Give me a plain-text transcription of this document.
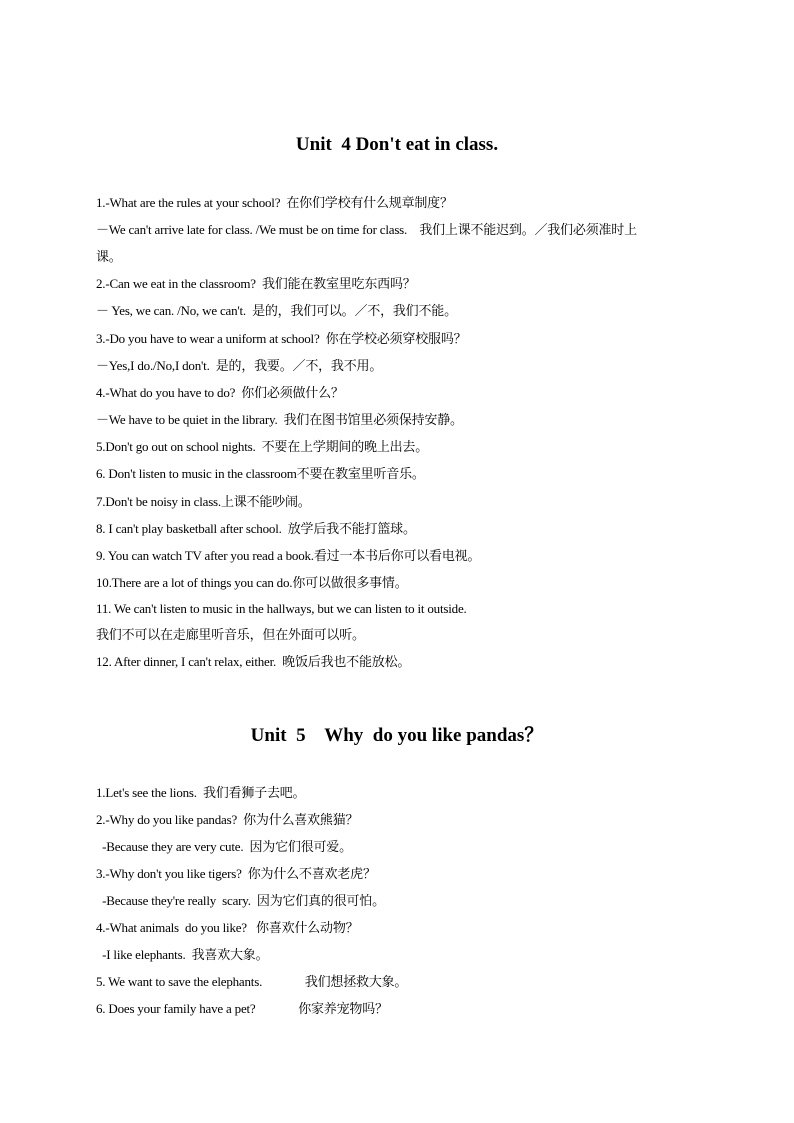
Unit  4 Don't eat in class.
1.-What are the rules at your school?  在你们学校有什么规章制度？
－We can't arrive late for class. /We must be on time for class.    我们上课不能迟到。／我们必须准时上
课。
2.-Can we eat in the classroom?  我们能在教室里吃东西吗？
－ Yes, we can. /No, we can't.  是的，我们可以。／不，我们不能。
3.-Do you have to wear a uniform at school?  你在学校必须穿校服吗？
－Yes,I do./No,I don't.  是的，我要。／不，我不用。
4.-What do you have to do?  你们必须做什么？
－We have to be quiet in the library.  我们在图书馆里必须保持安静。
5.Don't go out on school nights.  不要在上学期间的晚上出去。
6. Don't listen to music in the classroom不要在教室里听音乐。
7.Don't be noisy in class.上课不能吵闹。
8. I can't play basketball after school.  放学后我不能打篮球。
9. You can watch TV after you read a book.看过一本书后你可以看电视。
10.There are a lot of things you can do.你可以做很多事情。
11. We can't listen to music in the hallways, but we can listen to it outside.
我们不可以在走廊里听音乐，但在外面可以听。
12. After dinner, I can't relax, either.  晚饭后我也不能放松。
Unit  5    Why  do you like pandas？
1.Let's see the lions.  我们看狮子去吧。
2.-Why do you like pandas?  你为什么喜欢熊猫？
-Because they are very cute.  因为它们很可爱。
3.-Why don't you like tigers?  你为什么不喜欢老虎？
-Because they're really  scary.  因为它们真的很可怕。
4.-What animals  do you like?   你喜欢什么动物？
-I like elephants.  我喜欢大象。
5. We want to save the elephants.              我们想拯救大象。
6. Does your family have a pet?              你家养宠物吗？
